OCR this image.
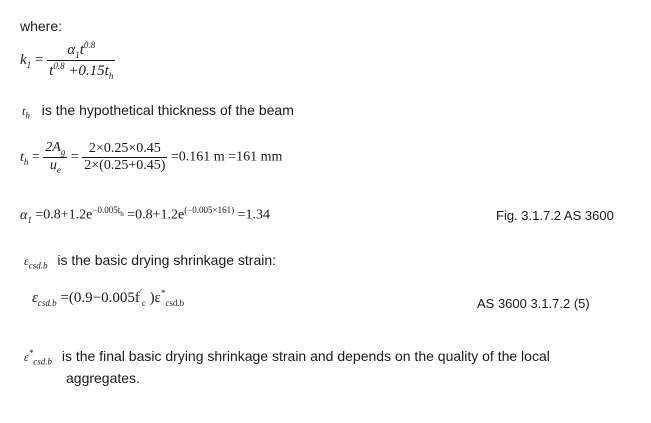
where:
$k_1 = \frac{\alpha_1t^{0.8}}{t^{0.8} +0.15t_h}$
$t_h$ is the hypothetical thickness of the beam
$t_h = \frac{2A_g}{u_e} = \frac{2\times 0.25\times 0.45}{2\times(0.25+0.45)} =0.161$ m =161 mm
$\alpha_1 =0.8+1.2e^{-0.005t_h} =0.8+1.2e^{(-0.005\times 161)} =1.34$	Fig. 3.1.7.2 AS 3600
$\varepsilon_{csd.b}$ is the basic drying shrinkage strain:
$\varepsilon_{csd.b} =(0.9-0.005f'_c$ )$\varepsilon^*_{csd.b}$	AS 3600 3.1.7.2 (5)
$\varepsilon^*_{csd.b}$ is the final basic drying shrinkage strain and depends on the quality of the local
aggregates.
